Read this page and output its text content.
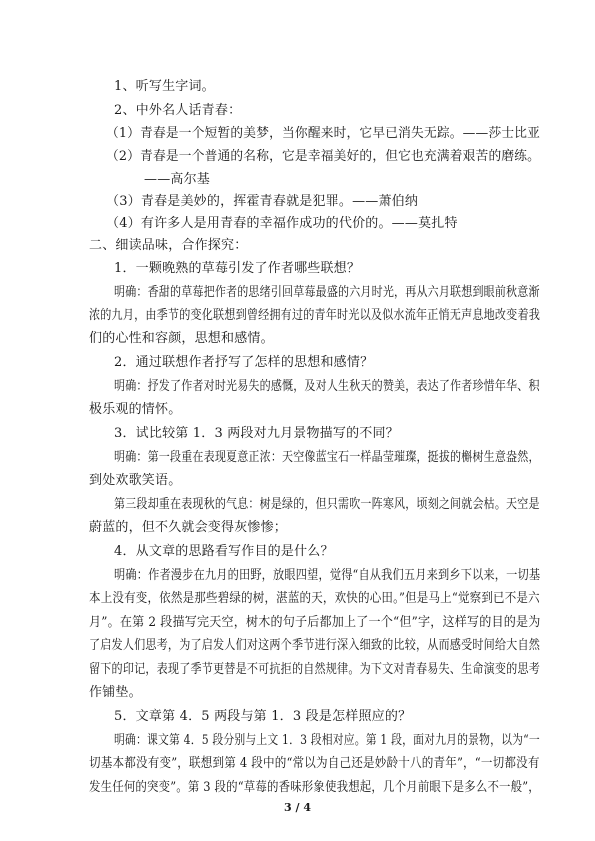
1、听写生字词。
2、中外名人话青春：
（1）青春是一个短暂的美梦，当你醒来时，它早已消失无踪。——莎士比亚
（2）青春是一个普通的名称，它是幸福美好的，但它也充满着艰苦的磨练。
——高尔基
（3）青春是美妙的，挥霍青春就是犯罪。——萧伯纳
（4）有许多人是用青春的幸福作成功的代价的。——莫扎特
二、细读品味，合作探究：
1．一颗晚熟的草莓引发了作者哪些联想？
明确：香甜的草莓把作者的思绪引回草莓最盛的六月时光，再从六月联想到眼前秋意渐
浓的九月，由季节的变化联想到曾经拥有过的青年时光以及似水流年正悄无声息地改变着我
们的心性和容颜，思想和感情。
2．通过联想作者抒写了怎样的思想和感情？
明确：抒发了作者对时光易失的感慨，及对人生秋天的赞美，表达了作者珍惜年华、积
极乐观的情怀。
3．试比较第 1．3 两段对九月景物描写的不同？
明确：第一段重在表现夏意正浓：天空像蓝宝石一样晶莹璀璨，挺拔的槲树生意盎然，
到处欢歌笑语。
第三段却重在表现秋的气息：树是绿的，但只需吹一阵寒风，顷刻之间就会枯。天空是
蔚蓝的，但不久就会变得灰惨惨；
4．从文章的思路看写作目的是什么？
明确：作者漫步在九月的田野，放眼四望，觉得“自从我们五月来到乡下以来，一切基
本上没有变，依然是那些碧绿的树，湛蓝的天，欢快的心田。”但是马上“觉察到已不是六
月”。在第 2 段描写完天空，树木的句子后都加上了一个“但”字，这样写的目的是为
了启发人们思考，为了启发人们对这两个季节进行深入细致的比较，从而感受时间给大自然
留下的印记，表现了季节更替是不可抗拒的自然规律。为下文对青春易失、生命演变的思考
作铺垫。
5．文章第 4．5 两段与第 1．3 段是怎样照应的？
明确：课文第 4．5 段分别与上文 1．3 段相对应。第 1 段，面对九月的景物，以为“一
切基本都没有变”，联想到第 4 段中的“常以为自己还是妙龄十八的青年”，“一切都没有
发生任何的突变”。第 3 段的“草莓的香味形象使我想起，几个月前眼下是多么不一般”，
3 / 4
